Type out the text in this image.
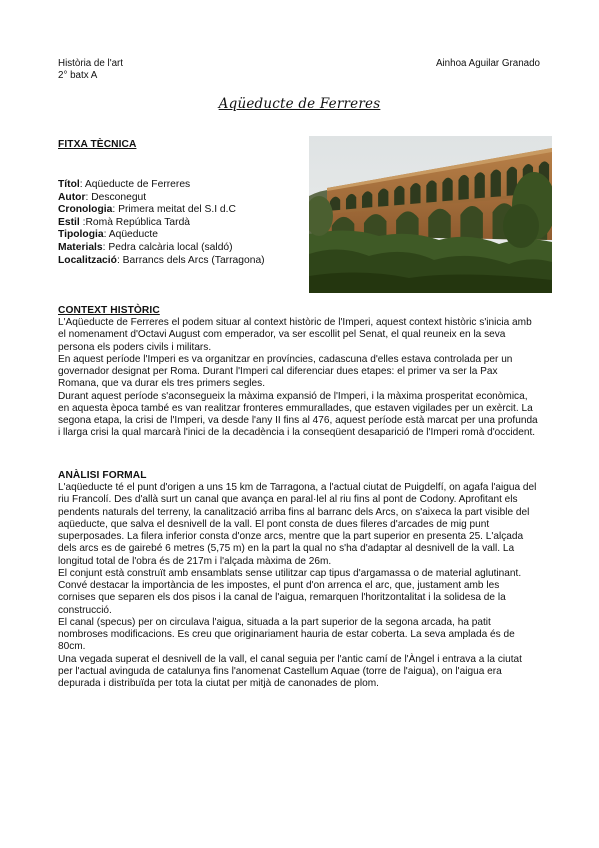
Història de l'art
2° batx A
Ainhoa Aguilar Granado
Aqüeducte de Ferreres
FITXA TÈCNICA
Títol: Aqüeducte de Ferreres
Autor: Desconegut
Cronologia: Primera meitat del S.I d.C
Estil :Romà República Tardà
Tipologia: Aqüeducte
Materials: Pedra calcària local (saldó)
Localització: Barrancs dels Arcs (Tarragona)
CONTEXT HISTÒRIC

L'Aqüeducte de Ferreres el podem situar al context històric de l'Imperi, aquest context històric s'inicia amb el nomenament d'Octavi August com emperador, va ser escollit pel Senat, el qual reuneix en la seva persona els poders civils i militars.

En aquest període l'Imperi es va organitzar en províncies, cadascuna d'elles estava controlada per un governador designat per Roma. Durant l'Imperi cal diferenciar dues etapes: el primer va ser la Pax Romana, que va durar els tres primers segles.

Durant aquest període s'aconsegueix la màxima expansió de l'Imperi, i la màxima prosperitat econòmica, en aquesta època també es van realitzar fronteres emmurallades, que estaven vigilades per un exèrcit. La segona etapa, la crisi de l'Imperi, va desde l'any II fins al 476, aquest període està marcat per una profunda i llarga crisi la qual marcarà l'inici de la decadència i la conseqüent desaparició de l'Imperi romà d'occident.

ANÀLISI FORMAL

L'aqüeducte té el punt d'origen a uns 15 km de Tarragona, a l'actual ciutat de Puigdelfí, on agafa l'aigua del riu Francolí. Des d'allà surt un canal que avança en paral·lel al riu fins al pont de Codony. Aprofitant els pendents naturals del terreny, la canalització arriba fins al barranc dels Arcs, on s'aixeca la part visible del aqüeducte, que salva el desnivell de la vall. El pont consta de dues fileres d'arcades de mig punt superposades. La filera inferior consta d'onze arcs, mentre que la part superior en presenta 25. L'alçada dels arcs es de gairebé 6 metres (5,75 m) en la part la qual no s'ha d'adaptar al desnivell de la vall. La longitud total de l'obra és de 217m i l'alçada màxima de 26m.

El conjunt està construït amb ensamblats sense utilitzar cap tipus d'argamassa o de material aglutinant. Convé destacar la importància de les impostes, el punt d'on arrenca el arc, que, justament amb les cornises que separen els dos pisos i la canal de l'aigua, remarquen l'horitzontalitat i la solidesa de la construcció.

El canal (specus) per on circulava l'aigua, situada a la part superior de la segona arcada, ha patit nombroses modificacions. Es creu que originariament hauria de estar coberta. La seva amplada és de 80cm.

Una vegada superat el desnivell de la vall, el canal seguia per l'antic camí de l'Àngel i entrava a la ciutat per l'actual avinguda de catalunya fins l'anomenat Castellum Aquae (torre de l'aigua), on l'aigua era depurada i distribuïda per tota la ciutat per mitjà de canonades de plom.
